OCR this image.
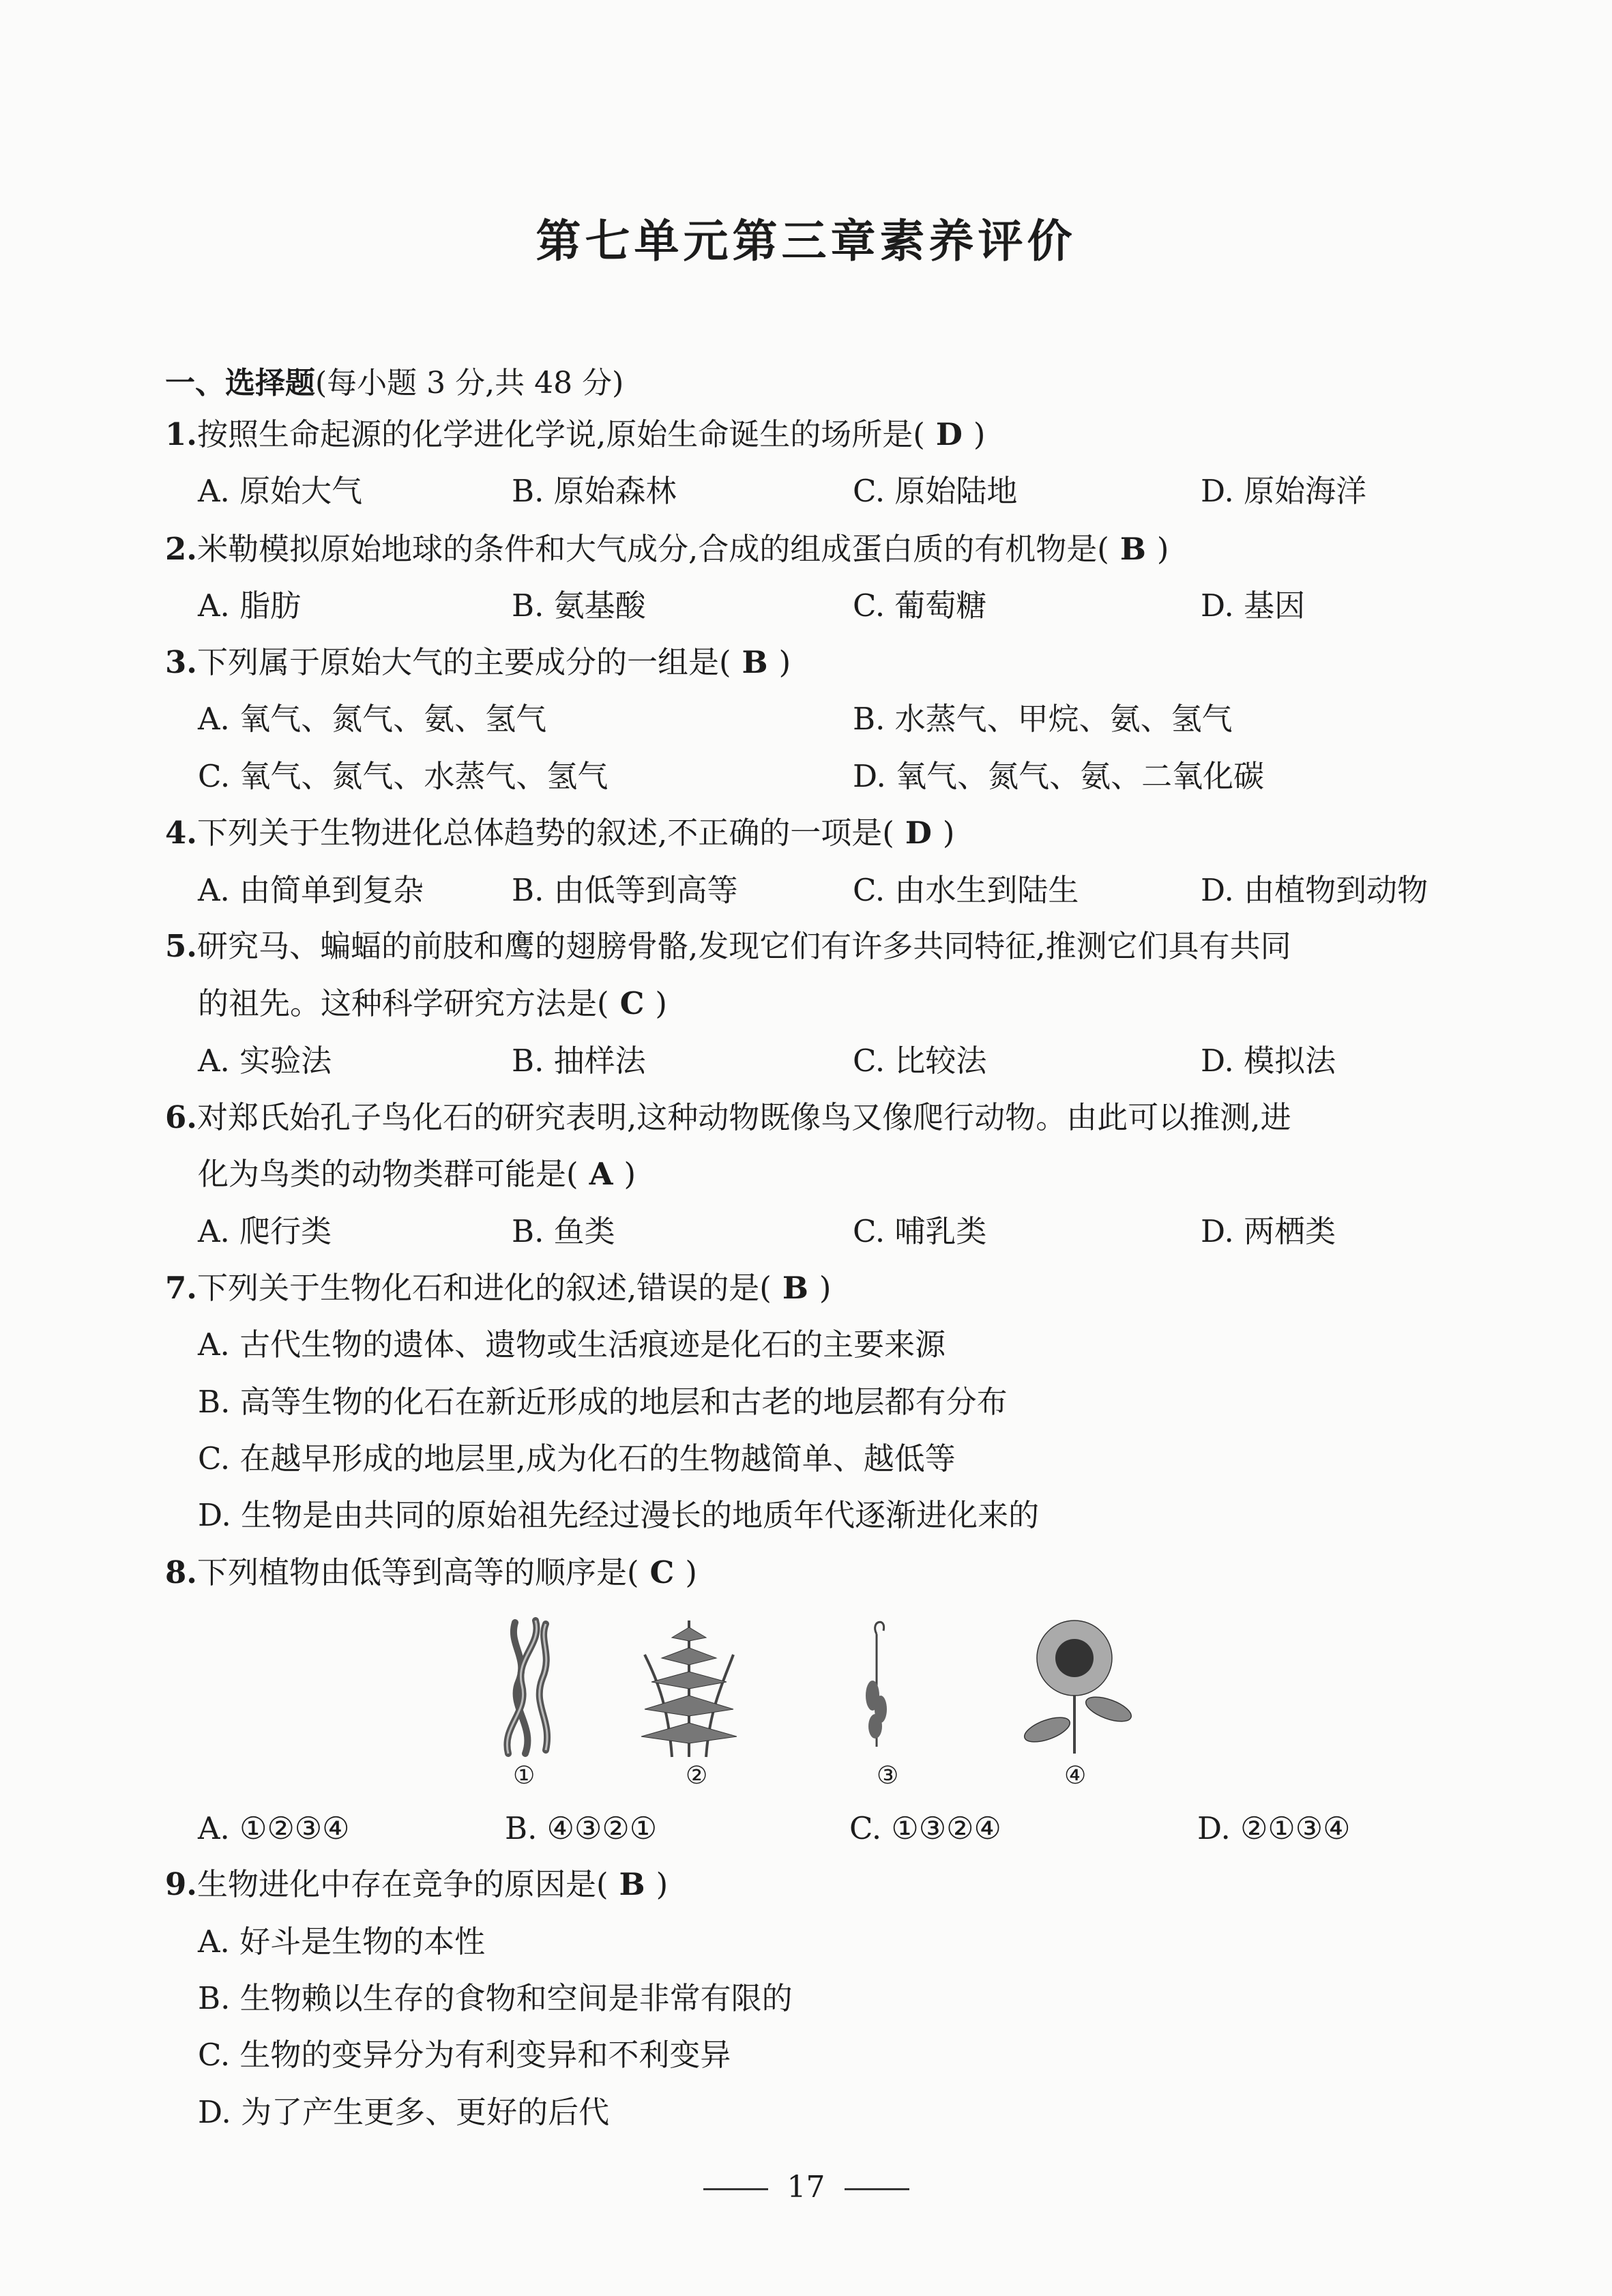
第七单元第三章素养评价
一、选择题(每小题 3 分,共 48 分)
1.按照生命起源的化学进化学说,原始生命诞生的场所是( D )
A. 原始大气	B. 原始森林	C. 原始陆地	D. 原始海洋
2.米勒模拟原始地球的条件和大气成分,合成的组成蛋白质的有机物是( B )
A. 脂肪	B. 氨基酸	C. 葡萄糖	D. 基因
3.下列属于原始大气的主要成分的一组是( B )
A. 氧气、氮气、氨、氢气	B. 水蒸气、甲烷、氨、氢气
C. 氧气、氮气、水蒸气、氢气	D. 氧气、氮气、氨、二氧化碳
4.下列关于生物进化总体趋势的叙述,不正确的一项是( D )
A. 由简单到复杂	B. 由低等到高等	C. 由水生到陆生	D. 由植物到动物
5.研究马、蝙蝠的前肢和鹰的翅膀骨骼,发现它们有许多共同特征,推测它们具有共同
的祖先。这种科学研究方法是( C )
A. 实验法	B. 抽样法	C. 比较法	D. 模拟法
6.对郑氏始孔子鸟化石的研究表明,这种动物既像鸟又像爬行动物。由此可以推测,进
化为鸟类的动物类群可能是( A )
A. 爬行类	B. 鱼类	C. 哺乳类	D. 两栖类
7.下列关于生物化石和进化的叙述,错误的是( B )
A. 古代生物的遗体、遗物或生活痕迹是化石的主要来源
B. 高等生物的化石在新近形成的地层和古老的地层都有分布
C. 在越早形成的地层里,成为化石的生物越简单、越低等
D. 生物是由共同的原始祖先经过漫长的地质年代逐渐进化来的
8.下列植物由低等到高等的顺序是( C )
①	②	③	④
A. ①②③④	B. ④③②①	C. ①③②④	D. ②①③④
9.生物进化中存在竞争的原因是( B )
A. 好斗是生物的本性
B. 生物赖以生存的食物和空间是非常有限的
C. 生物的变异分为有利变异和不利变异
D. 为了产生更多、更好的后代
17
